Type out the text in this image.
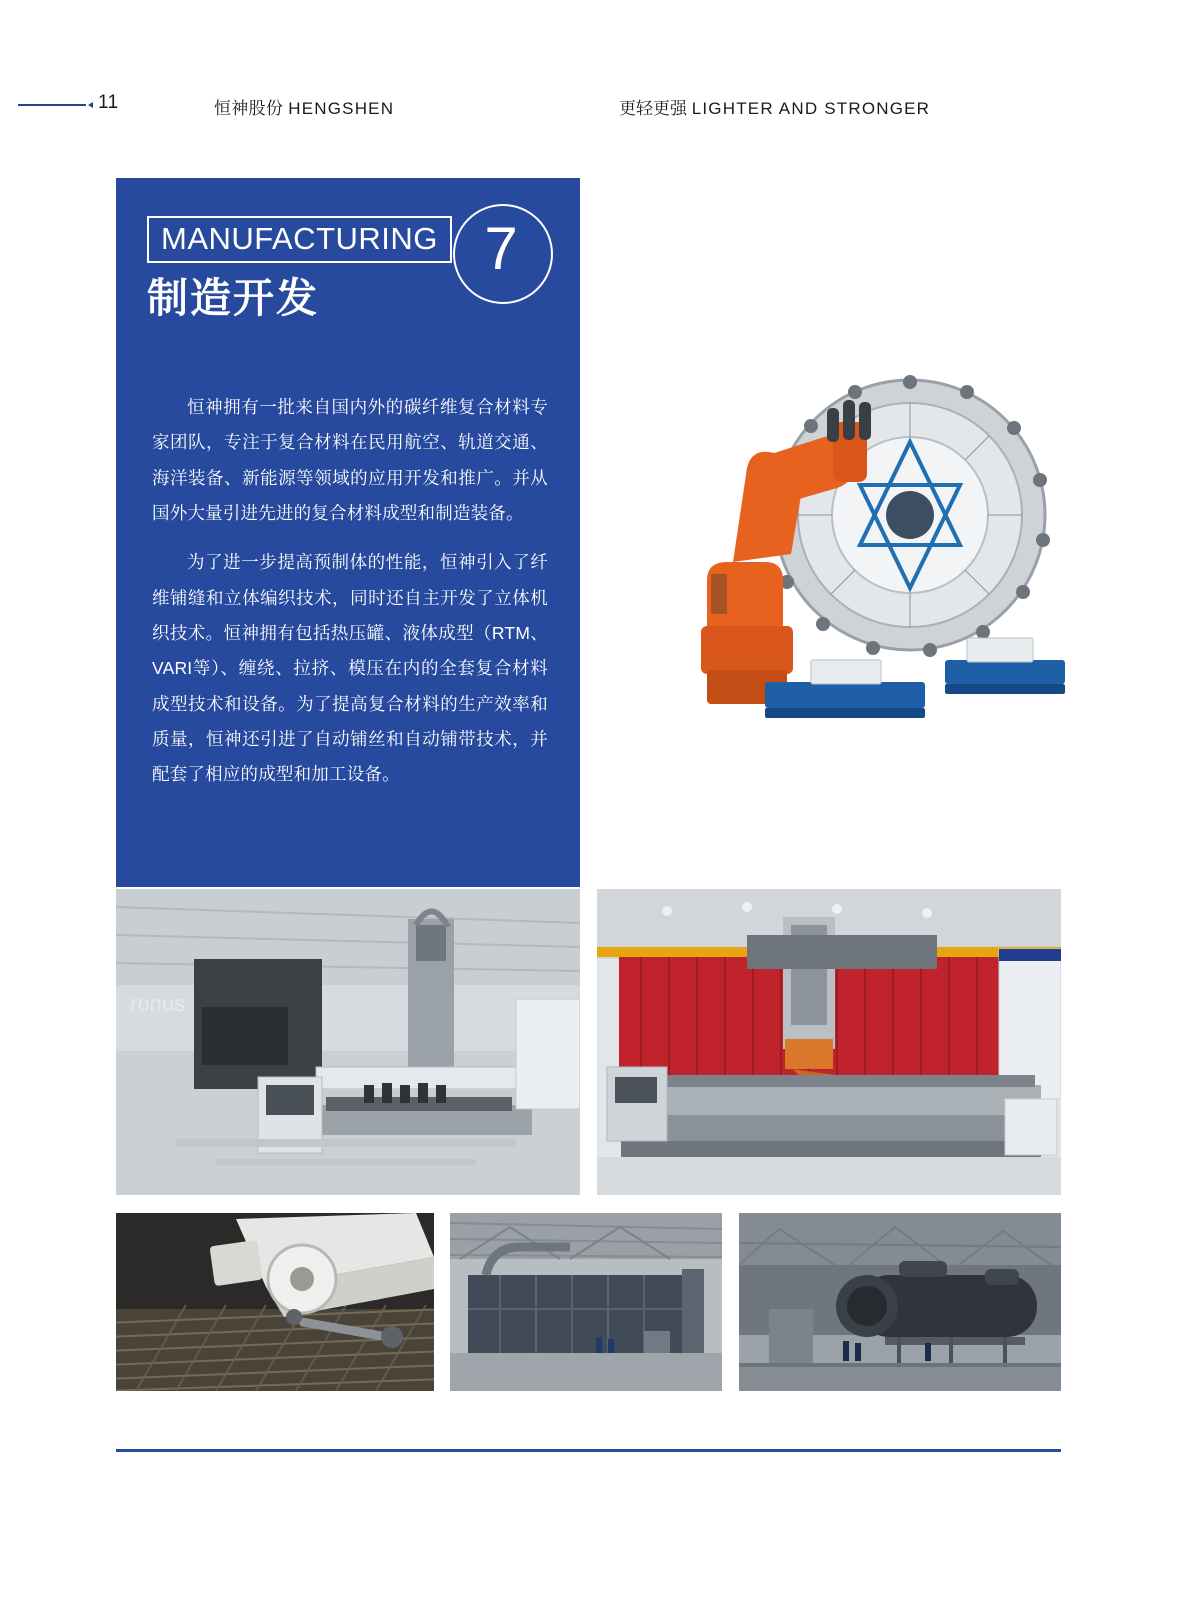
11	恒神股份 HENGSHEN	更轻更强 LIGHTER AND STRONGER
MANUFACTURING
制造开发
7

恒神拥有一批来自国内外的碳纤维复合材料专家团队，专注于复合材料在民用航空、轨道交通、海洋装备、新能源等领域的应用开发和推广。并从国外大量引进先进的复合材料成型和制造装备。

为了进一步提高预制体的性能，恒神引入了纤维铺缝和立体编织技术，同时还自主开发了立体机织技术。恒神拥有包括热压罐、液体成型（RTM、VARI等）、缠绕、拉挤、模压在内的全套复合材料成型技术和设备。为了提高复合材料的生产效率和质量，恒神还引进了自动铺丝和自动铺带技术，并配套了相应的成型和加工设备。

ronus
